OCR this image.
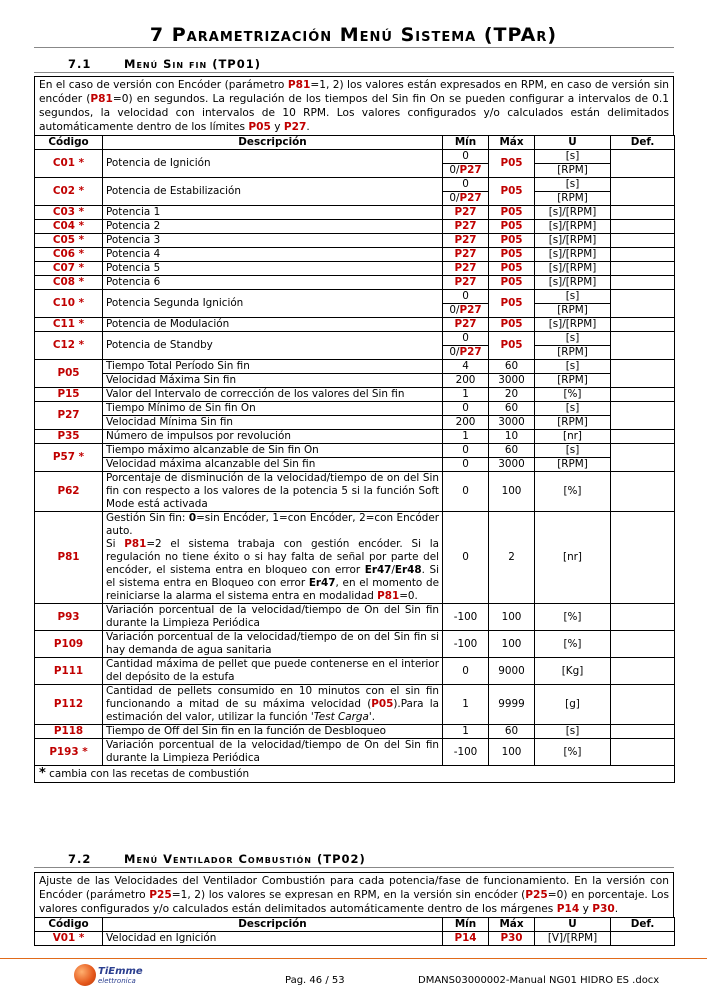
7 Parametrización Menú Sistema (TPAr)
7.1	Menú Sin fin (TP01)
En el caso de versión con Encóder (parámetro P81=1, 2) los valores están expresados en RPM, en caso de versión sin encóder (P81=0) en segundos. La regulación de los tiempos del Sin fin On se pueden configurar a intervalos de 0.1 segundos, la velocidad con intervalos de 10 RPM. Los valores configurados y/o calculados están delimitados automáticamente dentro de los límites P05 y P27.
Código	Descripción	Mín	Máx	U	Def.
C01 *	Potencia de Ignición	0	P05	[s]	
		0/P27		[RPM]	
C02 *	Potencia de Estabilización	0	P05	[s]	
		0/P27		[RPM]	
C03 *	Potencia 1	P27	P05	[s]/[RPM]	
C04 *	Potencia 2	P27	P05	[s]/[RPM]	
C05 *	Potencia 3	P27	P05	[s]/[RPM]	
C06 *	Potencia 4	P27	P05	[s]/[RPM]	
C07 *	Potencia 5	P27	P05	[s]/[RPM]	
C08 *	Potencia 6	P27	P05	[s]/[RPM]	
C10 *	Potencia Segunda Ignición	0	P05	[s]	
		0/P27		[RPM]	
C11 *	Potencia de Modulación	P27	P05	[s]/[RPM]	
C12 *	Potencia de Standby	0	P05	[s]	
		0/P27		[RPM]	
P05	Tiempo Total Período Sin fin	4	60	[s]	
	Velocidad Máxima Sin fin	200	3000	[RPM]	
P15	Valor del Intervalo de corrección de los valores del Sin fin	1	20	[%]	
P27	Tiempo Mínimo de Sin fin On	0	60	[s]	
	Velocidad Mínima Sin fin	200	3000	[RPM]	
P35	Número de impulsos por revolución	1	10	[nr]	
P57 *	Tiempo máximo alcanzable de Sin fin On	0	60	[s]	
	Velocidad máxima alcanzable del Sin fin	0	3000	[RPM]	
P62	Porcentaje de disminución de la velocidad/tiempo de on del Sin fin con respecto a los valores de la potencia 5 si la función Soft Mode está activada	0	100	[%]	
P81	Gestión Sin fin: 0=sin Encóder, 1=con Encóder, 2=con Encóder auto.
Si P81=2 el sistema trabaja con gestión encóder. Si la regulación no tiene éxito o si hay falta de señal por parte del encóder, el sistema entra en bloqueo con error Er47/Er48. Si el sistema entra en Bloqueo con error Er47, en el momento de reiniciarse la alarma el sistema entra en modalidad P81=0.	0	2	[nr]	
P93	Variación porcentual de la velocidad/tiempo de On del Sin fin durante la Limpieza Periódica	-100	100	[%]	
P109	Variación porcentual de la velocidad/tiempo de on del Sin fin si hay demanda de agua sanitaria	-100	100	[%]	
P111	Cantidad máxima de pellet que puede contenerse en el interior del depósito de la estufa	0	9000	[Kg]	
P112	Cantidad de pellets consumido en 10 minutos con el sin fin funcionando a mitad de su máxima velocidad (P05).Para la estimación del valor, utilizar la función 'Test Carga'.	1	9999	[g]	
P118	Tiempo de Off del Sin fin en la función de Desbloqueo	1	60	[s]	
P193 *	Variación porcentual de la velocidad/tiempo de On del Sin fin durante la Limpieza Periódica	-100	100	[%]	
* cambia con las recetas de combustión					
7.2	Menú Ventilador Combustión (TP02)
Ajuste de las Velocidades del Ventilador Combustión para cada potencia/fase de funcionamiento. En la versión con Encóder (parámetro P25=1, 2) los valores se expresan en RPM, en la versión sin encóder (P25=0) en porcentaje. Los valores configurados y/o calculados están delimitados automáticamente dentro de los márgenes P14 y P30.
Código	Descripción	Mín	Máx	U	Def.
V01 *	Velocidad en Ignición	P14	P30	[V]/[RPM]	
TiEmme
elettronica	Pag. 46 / 53	DMANS03000002-Manual NG01 HIDRO ES .docx
